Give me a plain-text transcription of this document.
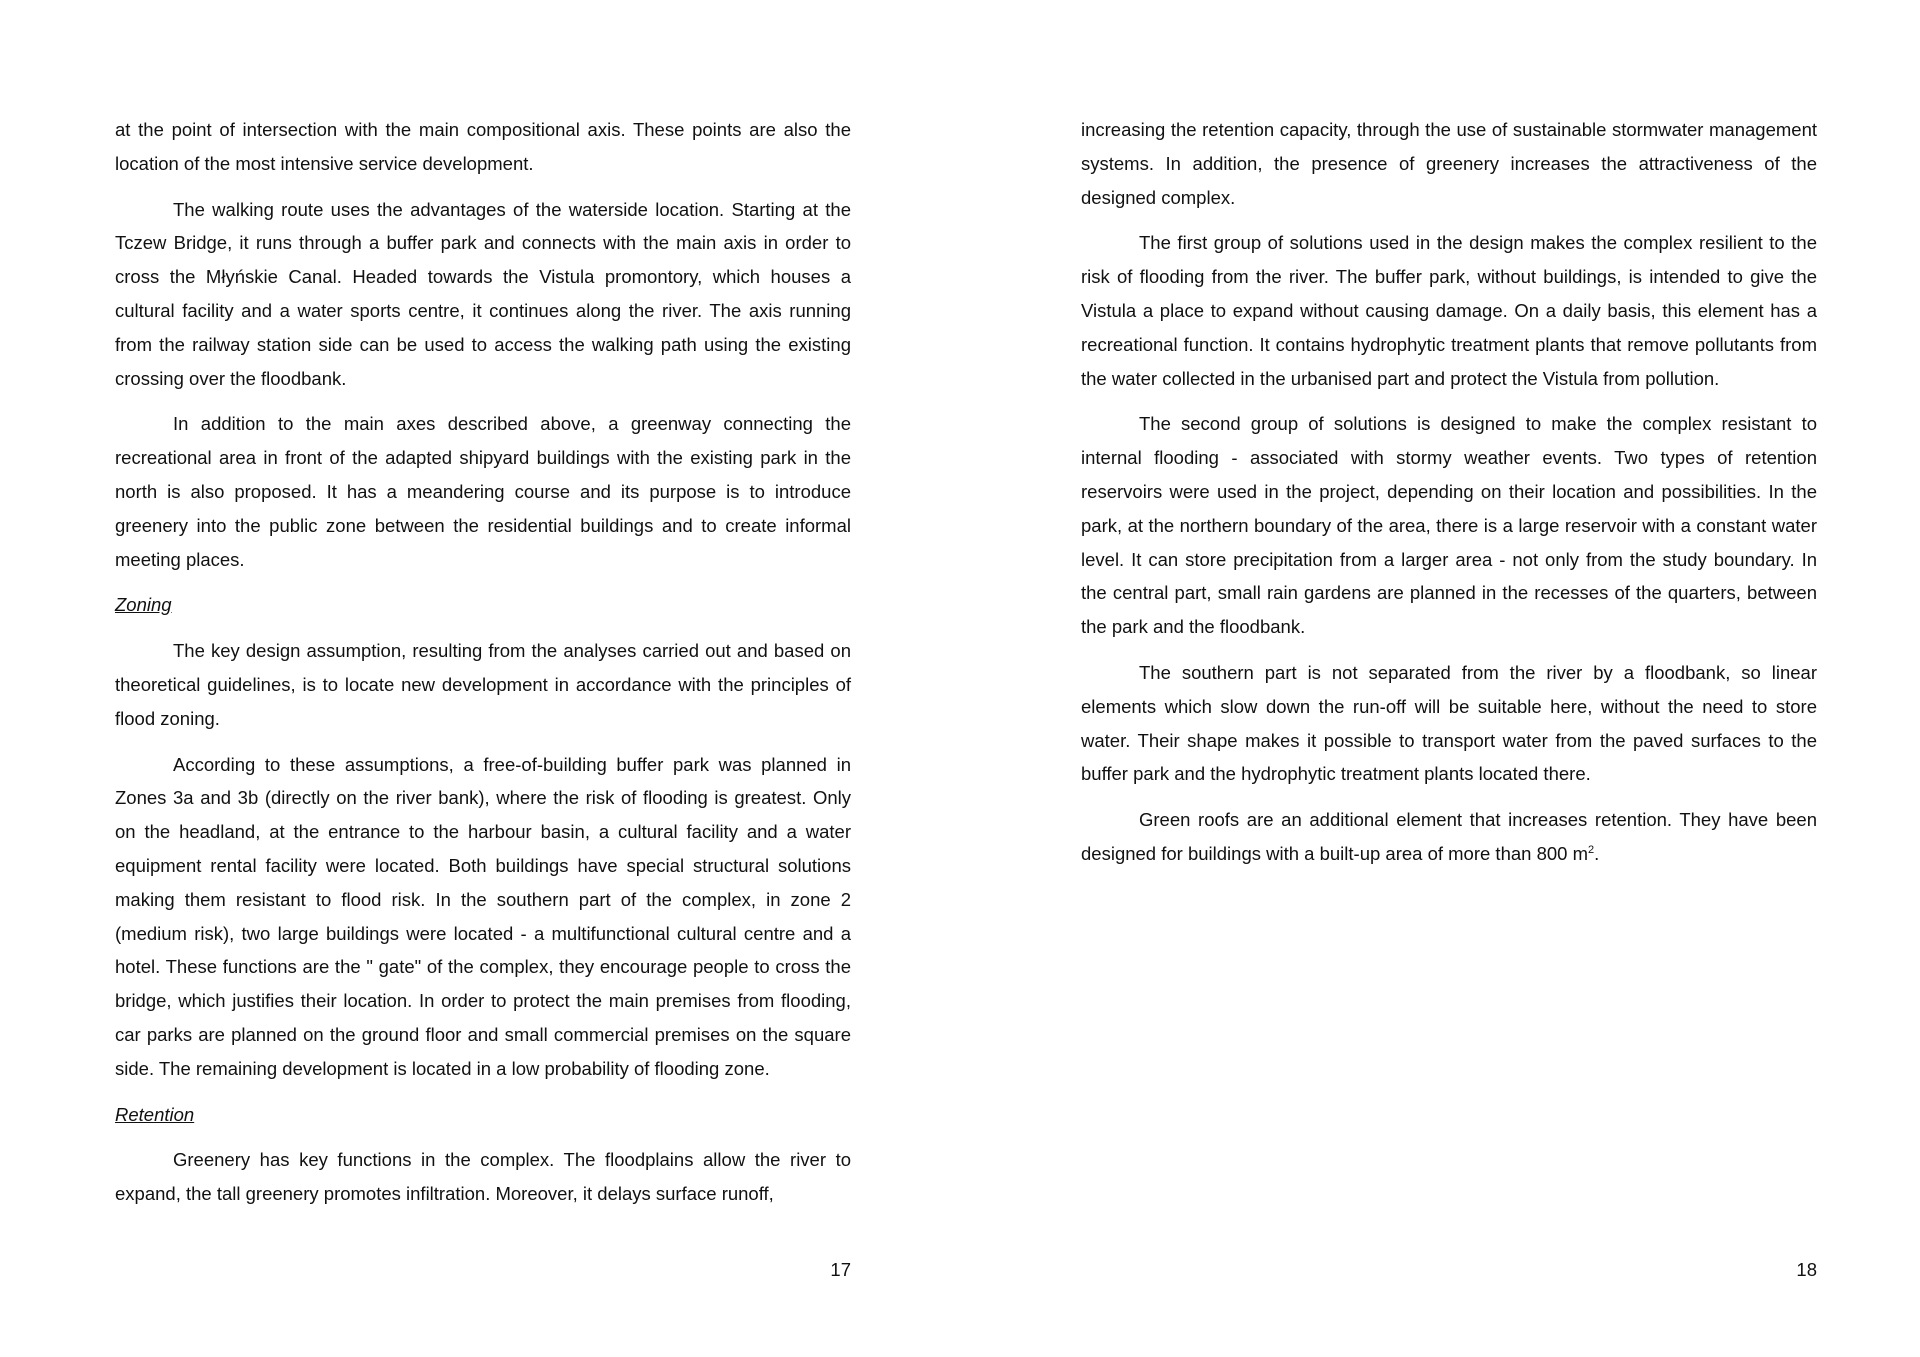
at the point of intersection with the main compositional axis. These points are also the location of the most intensive service development.

The walking route uses the advantages of the waterside location. Starting at the Tczew Bridge, it runs through a buffer park and connects with the main axis in order to cross the Młyńskie Canal. Headed towards the Vistula promontory, which houses a cultural facility and a water sports centre, it continues along the river. The axis running from the railway station side can be used to access the walking path using the existing crossing over the floodbank.

In addition to the main axes described above, a greenway connecting the recreational area in front of the adapted shipyard buildings with the existing park in the north is also proposed. It has a meandering course and its purpose is to introduce greenery into the public zone between the residential buildings and to create informal meeting places.

Zoning

The key design assumption, resulting from the analyses carried out and based on theoretical guidelines, is to locate new development in accordance with the principles of flood zoning.

According to these assumptions, a free-of-building buffer park was planned in Zones 3a and 3b (directly on the river bank), where the risk of flooding is greatest. Only on the headland, at the entrance to the harbour basin, a cultural facility and a water equipment rental facility were located. Both buildings have special structural solutions making them resistant to flood risk. In the southern part of the complex, in zone 2 (medium risk), two large buildings were located - a multifunctional cultural centre and a hotel. These functions are the " gate" of the complex, they encourage people to cross the bridge, which justifies their location. In order to protect the main premises from flooding, car parks are planned on the ground floor and small commercial premises on the square side. The remaining development is located in a low probability of flooding zone.

Retention

Greenery has key functions in the complex. The floodplains allow the river to expand, the tall greenery promotes infiltration. Moreover, it delays surface runoff,

17

increasing the retention capacity, through the use of sustainable stormwater management systems. In addition, the presence of greenery increases the attractiveness of the designed complex.

The first group of solutions used in the design makes the complex resilient to the risk of flooding from the river. The buffer park, without buildings, is intended to give the Vistula a place to expand without causing damage. On a daily basis, this element has a recreational function. It contains hydrophytic treatment plants that remove pollutants from the water collected in the urbanised part and protect the Vistula from pollution.

The second group of solutions is designed to make the complex resistant to internal flooding - associated with stormy weather events. Two types of retention reservoirs were used in the project, depending on their location and possibilities. In the park, at the northern boundary of the area, there is a large reservoir with a constant water level. It can store precipitation from a larger area - not only from the study boundary. In the central part, small rain gardens are planned in the recesses of the quarters, between the park and the floodbank.

The southern part is not separated from the river by a floodbank, so linear elements which slow down the run-off will be suitable here, without the need to store water. Their shape makes it possible to transport water from the paved surfaces to the buffer park and the hydrophytic treatment plants located there.

Green roofs are an additional element that increases retention. They have been designed for buildings with a built-up area of more than 800 $m^2$.

18
